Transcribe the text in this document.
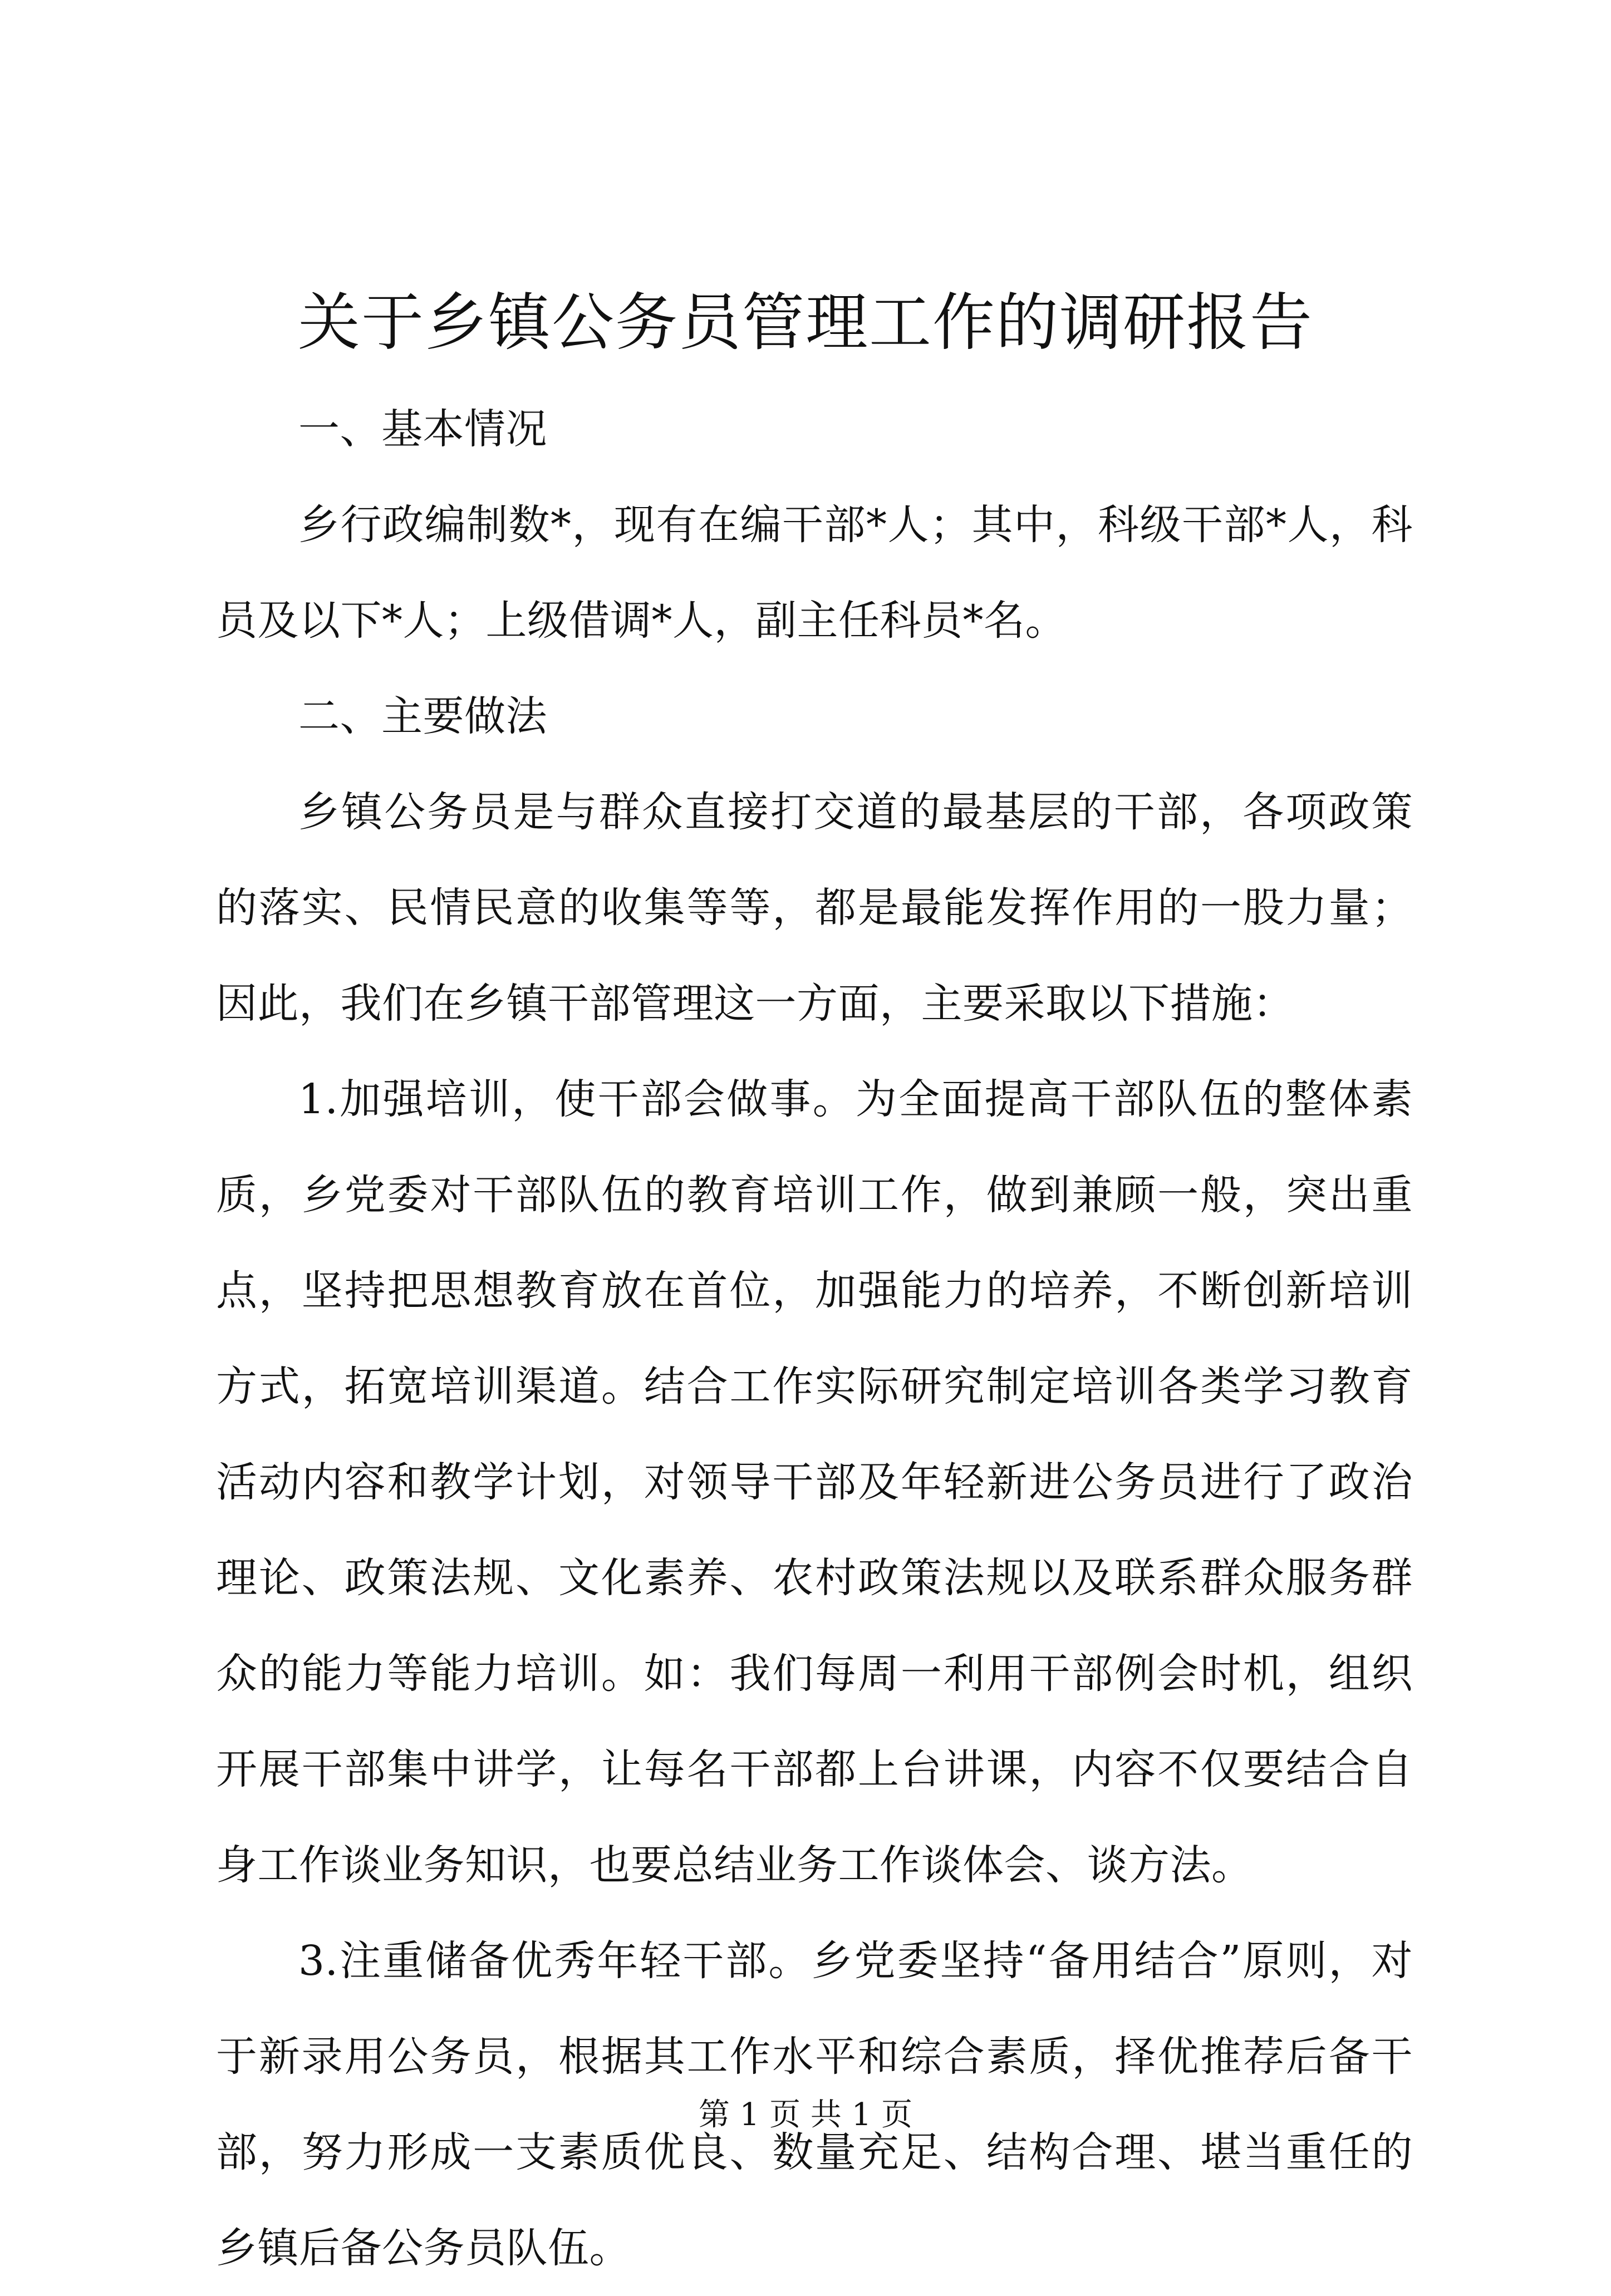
关于乡镇公务员管理工作的调研报告

一、基本情况

乡行政编制数*，现有在编干部*人；其中，科级干部*人，科员及以下*人；上级借调*人，副主任科员*名。

二、主要做法

乡镇公务员是与群众直接打交道的最基层的干部，各项政策的落实、民情民意的收集等等，都是最能发挥作用的一股力量；因此，我们在乡镇干部管理这一方面，主要采取以下措施：

1.加强培训，使干部会做事。为全面提高干部队伍的整体素质，乡党委对干部队伍的教育培训工作，做到兼顾一般，突出重点，坚持把思想教育放在首位，加强能力的培养，不断创新培训方式，拓宽培训渠道。结合工作实际研究制定培训各类学习教育活动内容和教学计划，对领导干部及年轻新进公务员进行了政治理论、政策法规、文化素养、农村政策法规以及联系群众服务群众的能力等能力培训。如：我们每周一利用干部例会时机，组织开展干部集中讲学，让每名干部都上台讲课，内容不仅要结合自身工作谈业务知识，也要总结业务工作谈体会、谈方法。

3.注重储备优秀年轻干部。乡党委坚持“备用结合”原则，对于新录用公务员，根据其工作水平和综合素质，择优推荐后备干部，努力形成一支素质优良、数量充足、结构合理、堪当重任的乡镇后备公务员队伍。

第 1 页 共 1 页
